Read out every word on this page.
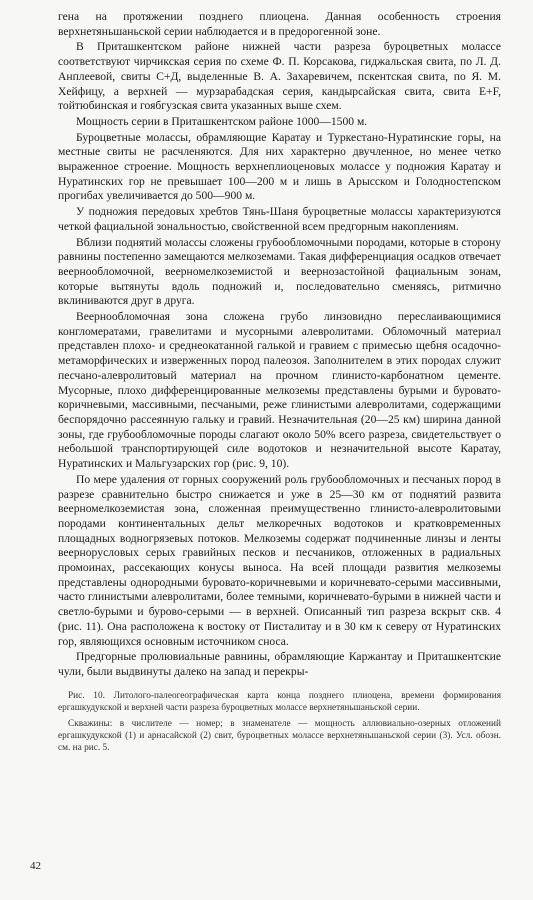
гена на протяжении позднего плиоцена. Данная особенность строения верхнетяньшаньской серии наблюдается и в предорогенной зоне.

В Приташкентском районе нижней части разреза буроцветных молассе соответствуют чирчикская серия по схеме Ф. П. Корсакова, гиджальская свита, по Л. Д. Анплеевой, свиты С+Д, выделенные В. А. Захаревичем, пскентская свита, по Я. М. Хейфицу, а верхней — мурзарабадская серия, кандырсайская свита, свита Е+F, тойтюбинская и гоябгузская свита указанных выше схем.

Мощность серии в Приташкентском районе 1000—1500 м.

Буроцветные молассы, обрамляющие Каратау и Туркестано-Нуратинские горы, на местные свиты не расчленяются. Для них характерно двучленное, но менее четко выраженное строение. Мощность верхнеплиоценовых молассе у подножия Каратау и Нуратинских гор не превышает 100—200 м и лишь в Арысском и Голодностепском прогибах увеличивается до 500—900 м.

У подножия передовых хребтов Тянь-Шаня буроцветные молассы характеризуются четкой фациальной зональностью, свойственной всем предгорным накоплениям.

Вблизи поднятий молассы сложены грубообломочными породами, которые в сторону равнины постепенно замещаются мелкоземами. Такая дифференциация осадков отвечает веерноoбломочной, веерномелкоземистой и веернозастойной фациальным зонам, которые вытянуты вдоль подножий и, последовательно сменяясь, ритмично вклиниваются друг в друга.

Веерноoбломочная зона сложена грубо линзовидно переслаивающимися конгломератами, гравелитами и мусорными алевролитами. Обломочный материал представлен плохо- и среднеокатанной галькой и гравием с примесью щебня осадочно-метаморфических и изверженных пород палеозоя. Заполнителем в этих породах служит песчано-алевролитовый материал на прочном глинисто-карбонатном цементе. Мусорные, плохо дифференцированные мелкоземы представлены бурыми и буровато-коричневыми, массивными, песчаными, реже глинистыми алевролитами, содержащими беспорядочно рассеянную гальку и гравий. Незначительная (20—25 км) ширина данной зоны, где грубообломочные породы слагают около 50% всего разреза, свидетельствует о небольшой транспортирующей силе водотоков и незначительной высоте Каратау, Нуратинских и Мальгузарских гор (рис. 9, 10).

По мере удаления от горных сооружений роль грубообломочных и песчаных пород в разрезе сравнительно быстро снижается и уже в 25—30 км от поднятий развита веерномелкоземистая зона, сложенная преимущественно глинисто-алевролитовыми породами континентальных дельт мелкоречных водотоков и кратковременных площадных водногрязевых потоков. Мелкоземы содержат подчиненные линзы и ленты веерноpусловых серых гравийных песков и песчаников, отложенных в радиальных промоинах, рассекающих конусы выноса. На всей площади развития мелкоземы представлены однородными буровато-коричневыми и коричневато-серыми массивными, часто глинистыми алевролитами, более темными, коричневато-бурыми в нижней части и светло-бурыми и бурово-серыми — в верхней. Описанный тип разреза вскрыт скв. 4 (рис. 11). Она расположена к востоку от Писталитау и в 30 км к северу от Нуратинских гор, являющихся основным источником сноса.

Предгорные пролювиальные равнины, обрамляющие Каржантау и Приташкентские чули, были выдвинуты далеко на запад и перекры-

Рис. 10. Литолого-палеогеографическая карта конца позднего плиоцена, времени формирования ергашкудукской и верхней части разреза буроцветных молассе верхнетяньшаньской серии.

Скважины: в числителе — номер; в знаменателе — мощность аллювиально-озерных отложений ергашкудукской (1) и арнасайской (2) свит, буроцветных молассе верхнетяньшаньской серии (3). Усл. обозн. см. на рис. 5.

42
